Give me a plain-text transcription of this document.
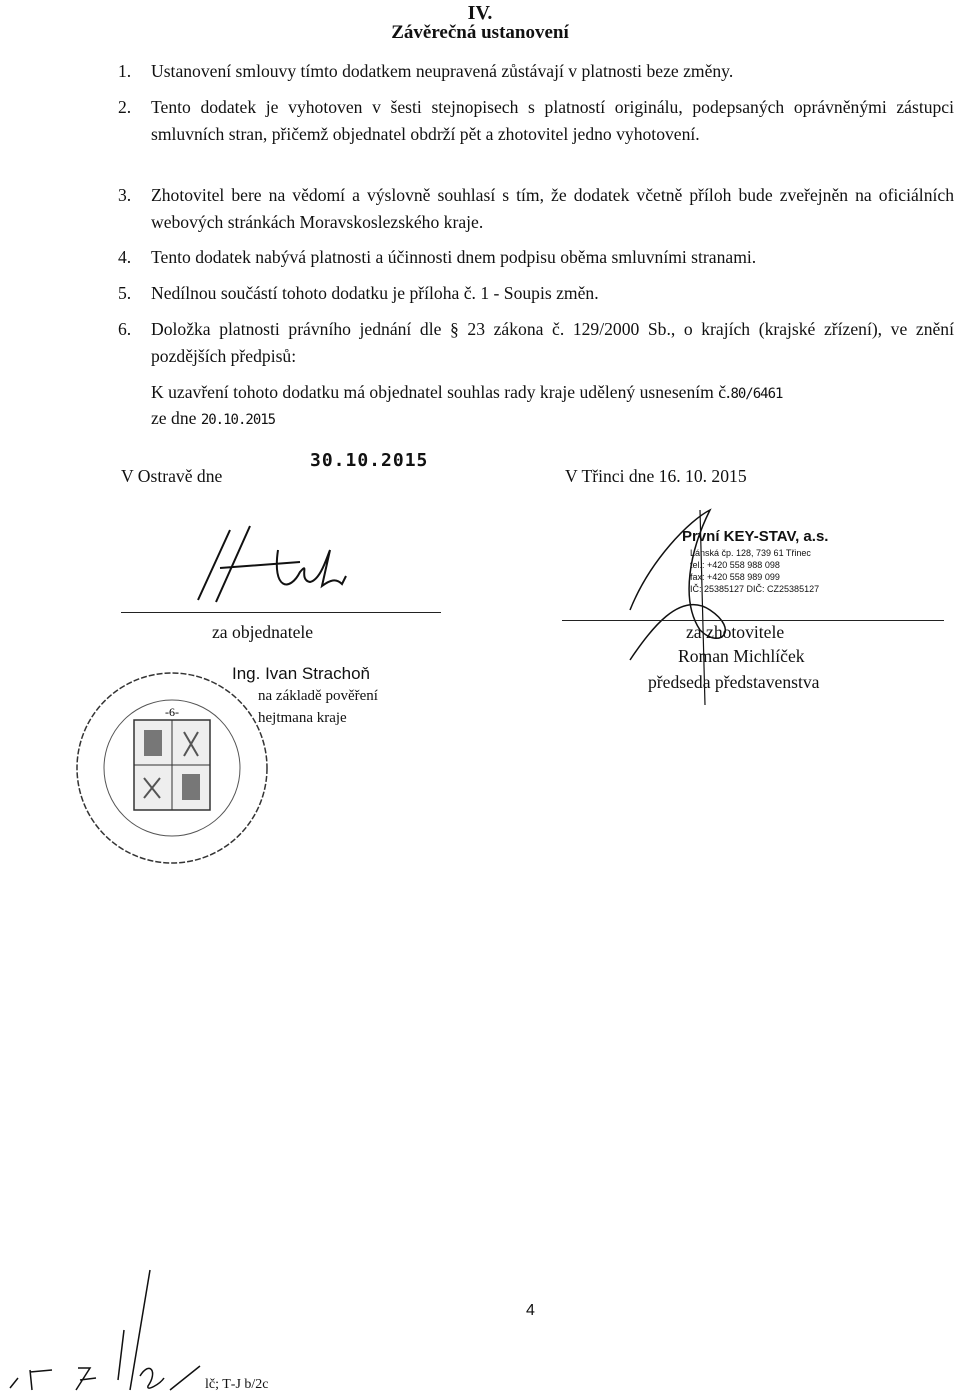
IV.
Závěrečná ustanovení
1. Ustanovení smlouvy tímto dodatkem neupravená zůstávají v platnosti beze změny.
2. Tento dodatek je vyhotoven v šesti stejnopisech s platností originálu, podepsaných oprávněnými zástupci smluvních stran, přičemž objednatel obdrží pět a zhotovitel jedno vyhotovení.
3. Zhotovitel bere na vědomí a výslovně souhlasí s tím, že dodatek včetně příloh bude zveřejněn na oficiálních webových stránkách Moravskoslezského kraje.
4. Tento dodatek nabývá platnosti a účinnosti dnem podpisu oběma smluvními stranami.
5. Nedílnou součástí tohoto dodatku je příloha č. 1 - Soupis změn.
6. Doložka platnosti právního jednání dle § 23 zákona č. 129/2000 Sb., o krajích (krajské zřízení), ve znění pozdějších předpisů:
K uzavření tohoto dodatku má objednatel souhlas rady kraje udělený usnesením č.80/6461
ze dne 20.10.2015
V Ostravě dne
30.10.2015
za objednatele
Ing. Ivan Strachoň
na základě pověření
hejtmana kraje
-6-
V Třinci dne 16. 10. 2015
První KEY-STAV, a.s.
Lánská čp. 128, 739 61 Třinec
tel.: +420 558 988 098
fax: +420 558 989 099
IČ: 25385127 DIČ: CZ25385127
za zhotovitele
Roman Michlíček
předseda představenstva
4
lč; T‑J b/2c
